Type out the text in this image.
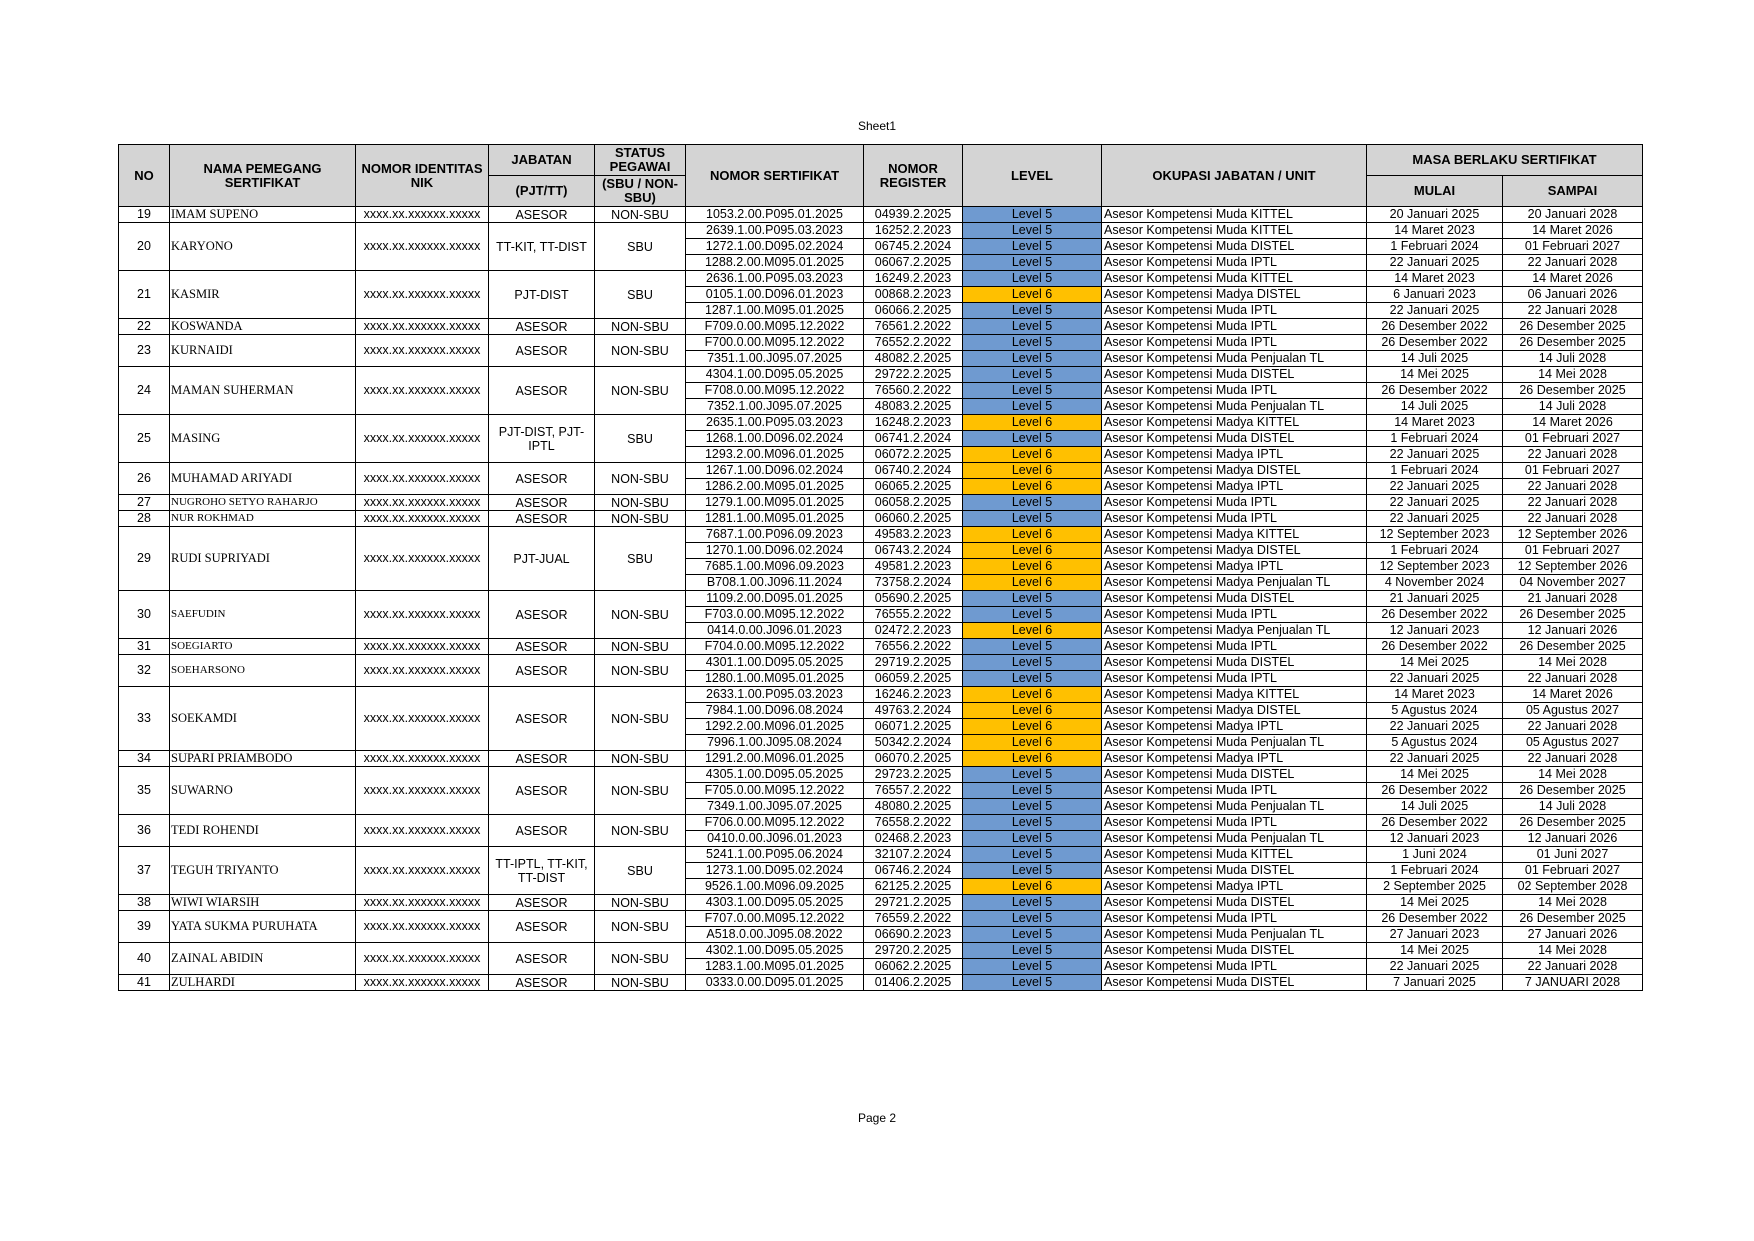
Sheet1
NO	NAMA PEMEGANG SERTIFIKAT	NOMOR IDENTITAS NIK	JABATAN	STATUS PEGAWAI	NOMOR SERTIFIKAT	NOMOR REGISTER	LEVEL	OKUPASI JABATAN / UNIT	MASA BERLAKU SERTIFIKAT	
			(PJT/TT)	(SBU / NON-SBU)					MULAI	SAMPAI
19	IMAM SUPENO	xxxx.xx.xxxxxx.xxxxx	ASESOR	NON-SBU	1053.2.00.P095.01.2025	04939.2.2025	Level 5	Asesor Kompetensi Muda KITTEL	20 Januari 2025	20 Januari 2028
20	KARYONO	xxxx.xx.xxxxxx.xxxxx	TT-KIT, TT-DIST	SBU	2639.1.00.P095.03.2023	16252.2.2023	Level 5	Asesor Kompetensi Muda KITTEL	14 Maret 2023	14 Maret 2026
					1272.1.00.D095.02.2024	06745.2.2024	Level 5	Asesor Kompetensi Muda DISTEL	1 Februari 2024	01 Februari 2027
					1288.2.00.M095.01.2025	06067.2.2025	Level 5	Asesor Kompetensi Muda IPTL	22 Januari 2025	22 Januari 2028
21	KASMIR	xxxx.xx.xxxxxx.xxxxx	PJT-DIST	SBU	2636.1.00.P095.03.2023	16249.2.2023	Level 5	Asesor Kompetensi Muda KITTEL	14 Maret 2023	14 Maret 2026
					0105.1.00.D096.01.2023	00868.2.2023	Level 6	Asesor Kompetensi Madya DISTEL	6 Januari 2023	06 Januari 2026
					1287.1.00.M095.01.2025	06066.2.2025	Level 5	Asesor Kompetensi Muda IPTL	22 Januari 2025	22 Januari 2028
22	KOSWANDA	xxxx.xx.xxxxxx.xxxxx	ASESOR	NON-SBU	F709.0.00.M095.12.2022	76561.2.2022	Level 5	Asesor Kompetensi Muda IPTL	26 Desember 2022	26 Desember 2025
23	KURNAIDI	xxxx.xx.xxxxxx.xxxxx	ASESOR	NON-SBU	F700.0.00.M095.12.2022	76552.2.2022	Level 5	Asesor Kompetensi Muda IPTL	26 Desember 2022	26 Desember 2025
					7351.1.00.J095.07.2025	48082.2.2025	Level 5	Asesor Kompetensi Muda Penjualan TL	14 Juli 2025	14 Juli 2028
24	MAMAN SUHERMAN	xxxx.xx.xxxxxx.xxxxx	ASESOR	NON-SBU	4304.1.00.D095.05.2025	29722.2.2025	Level 5	Asesor Kompetensi Muda DISTEL	14 Mei 2025	14 Mei 2028
					F708.0.00.M095.12.2022	76560.2.2022	Level 5	Asesor Kompetensi Muda IPTL	26 Desember 2022	26 Desember 2025
					7352.1.00.J095.07.2025	48083.2.2025	Level 5	Asesor Kompetensi Muda Penjualan TL	14 Juli 2025	14 Juli 2028
25	MASING	xxxx.xx.xxxxxx.xxxxx	PJT-DIST, PJT-IPTL	SBU	2635.1.00.P095.03.2023	16248.2.2023	Level 6	Asesor Kompetensi Madya KITTEL	14 Maret 2023	14 Maret 2026
					1268.1.00.D096.02.2024	06741.2.2024	Level 5	Asesor Kompetensi Muda DISTEL	1 Februari 2024	01 Februari 2027
					1293.2.00.M096.01.2025	06072.2.2025	Level 6	Asesor Kompetensi Madya IPTL	22 Januari 2025	22 Januari 2028
26	MUHAMAD ARIYADI	xxxx.xx.xxxxxx.xxxxx	ASESOR	NON-SBU	1267.1.00.D096.02.2024	06740.2.2024	Level 6	Asesor Kompetensi Madya DISTEL	1 Februari 2024	01 Februari 2027
					1286.2.00.M095.01.2025	06065.2.2025	Level 6	Asesor Kompetensi Madya IPTL	22 Januari 2025	22 Januari 2028
27	NUGROHO SETYO RAHARJO	xxxx.xx.xxxxxx.xxxxx	ASESOR	NON-SBU	1279.1.00.M095.01.2025	06058.2.2025	Level 5	Asesor Kompetensi Muda IPTL	22 Januari 2025	22 Januari 2028
28	NUR ROKHMAD	xxxx.xx.xxxxxx.xxxxx	ASESOR	NON-SBU	1281.1.00.M095.01.2025	06060.2.2025	Level 5	Asesor Kompetensi Muda IPTL	22 Januari 2025	22 Januari 2028
29	RUDI SUPRIYADI	xxxx.xx.xxxxxx.xxxxx	PJT-JUAL	SBU	7687.1.00.P096.09.2023	49583.2.2023	Level 6	Asesor Kompetensi Madya KITTEL	12 September 2023	12 September 2026
					1270.1.00.D096.02.2024	06743.2.2024	Level 6	Asesor Kompetensi Madya DISTEL	1 Februari 2024	01 Februari 2027
					7685.1.00.M096.09.2023	49581.2.2023	Level 6	Asesor Kompetensi Madya IPTL	12 September 2023	12 September 2026
					B708.1.00.J096.11.2024	73758.2.2024	Level 6	Asesor Kompetensi Madya Penjualan TL	4 November 2024	04 November 2027
30	SAEFUDIN	xxxx.xx.xxxxxx.xxxxx	ASESOR	NON-SBU	1109.2.00.D095.01.2025	05690.2.2025	Level 5	Asesor Kompetensi Muda DISTEL	21 Januari 2025	21 Januari 2028
					F703.0.00.M095.12.2022	76555.2.2022	Level 5	Asesor Kompetensi Muda IPTL	26 Desember 2022	26 Desember 2025
					0414.0.00.J096.01.2023	02472.2.2023	Level 6	Asesor Kompetensi Madya Penjualan TL	12 Januari 2023	12 Januari 2026
31	SOEGIARTO	xxxx.xx.xxxxxx.xxxxx	ASESOR	NON-SBU	F704.0.00.M095.12.2022	76556.2.2022	Level 5	Asesor Kompetensi Muda IPTL	26 Desember 2022	26 Desember 2025
32	SOEHARSONO	xxxx.xx.xxxxxx.xxxxx	ASESOR	NON-SBU	4301.1.00.D095.05.2025	29719.2.2025	Level 5	Asesor Kompetensi Muda DISTEL	14 Mei 2025	14 Mei 2028
					1280.1.00.M095.01.2025	06059.2.2025	Level 5	Asesor Kompetensi Muda IPTL	22 Januari 2025	22 Januari 2028
33	SOEKAMDI	xxxx.xx.xxxxxx.xxxxx	ASESOR	NON-SBU	2633.1.00.P095.03.2023	16246.2.2023	Level 6	Asesor Kompetensi Madya KITTEL	14 Maret 2023	14 Maret 2026
					7984.1.00.D096.08.2024	49763.2.2024	Level 6	Asesor Kompetensi Madya DISTEL	5 Agustus 2024	05 Agustus 2027
					1292.2.00.M096.01.2025	06071.2.2025	Level 6	Asesor Kompetensi Madya IPTL	22 Januari 2025	22 Januari 2028
					7996.1.00.J095.08.2024	50342.2.2024	Level 6	Asesor Kompetensi Muda Penjualan TL	5 Agustus 2024	05 Agustus 2027
34	SUPARI PRIAMBODO	xxxx.xx.xxxxxx.xxxxx	ASESOR	NON-SBU	1291.2.00.M096.01.2025	06070.2.2025	Level 6	Asesor Kompetensi Madya IPTL	22 Januari 2025	22 Januari 2028
35	SUWARNO	xxxx.xx.xxxxxx.xxxxx	ASESOR	NON-SBU	4305.1.00.D095.05.2025	29723.2.2025	Level 5	Asesor Kompetensi Muda DISTEL	14 Mei 2025	14 Mei 2028
					F705.0.00.M095.12.2022	76557.2.2022	Level 5	Asesor Kompetensi Muda IPTL	26 Desember 2022	26 Desember 2025
					7349.1.00.J095.07.2025	48080.2.2025	Level 5	Asesor Kompetensi Muda Penjualan TL	14 Juli 2025	14 Juli 2028
36	TEDI ROHENDI	xxxx.xx.xxxxxx.xxxxx	ASESOR	NON-SBU	F706.0.00.M095.12.2022	76558.2.2022	Level 5	Asesor Kompetensi Muda IPTL	26 Desember 2022	26 Desember 2025
					0410.0.00.J096.01.2023	02468.2.2023	Level 5	Asesor Kompetensi Muda Penjualan TL	12 Januari 2023	12 Januari 2026
37	TEGUH TRIYANTO	xxxx.xx.xxxxxx.xxxxx	TT-IPTL, TT-KIT, TT-DIST	SBU	5241.1.00.P095.06.2024	32107.2.2024	Level 5	Asesor Kompetensi Muda KITTEL	1 Juni 2024	01 Juni 2027
					1273.1.00.D095.02.2024	06746.2.2024	Level 5	Asesor Kompetensi Muda DISTEL	1 Februari 2024	01 Februari 2027
					9526.1.00.M096.09.2025	62125.2.2025	Level 6	Asesor Kompetensi Madya IPTL	2 September 2025	02 September 2028
38	WIWI WIARSIH	xxxx.xx.xxxxxx.xxxxx	ASESOR	NON-SBU	4303.1.00.D095.05.2025	29721.2.2025	Level 5	Asesor Kompetensi Muda DISTEL	14 Mei 2025	14 Mei 2028
39	YATA SUKMA PURUHATA	xxxx.xx.xxxxxx.xxxxx	ASESOR	NON-SBU	F707.0.00.M095.12.2022	76559.2.2022	Level 5	Asesor Kompetensi Muda IPTL	26 Desember 2022	26 Desember 2025
					A518.0.00.J095.08.2022	06690.2.2023	Level 5	Asesor Kompetensi Muda Penjualan TL	27 Januari 2023	27 Januari 2026
40	ZAINAL ABIDIN	xxxx.xx.xxxxxx.xxxxx	ASESOR	NON-SBU	4302.1.00.D095.05.2025	29720.2.2025	Level 5	Asesor Kompetensi Muda DISTEL	14 Mei 2025	14 Mei 2028
					1283.1.00.M095.01.2025	06062.2.2025	Level 5	Asesor Kompetensi Muda IPTL	22 Januari 2025	22 Januari 2028
41	ZULHARDI	xxxx.xx.xxxxxx.xxxxx	ASESOR	NON-SBU	0333.0.00.D095.01.2025	01406.2.2025	Level 5	Asesor Kompetensi Muda DISTEL	7 Januari 2025	7 JANUARI 2028
Page 2
